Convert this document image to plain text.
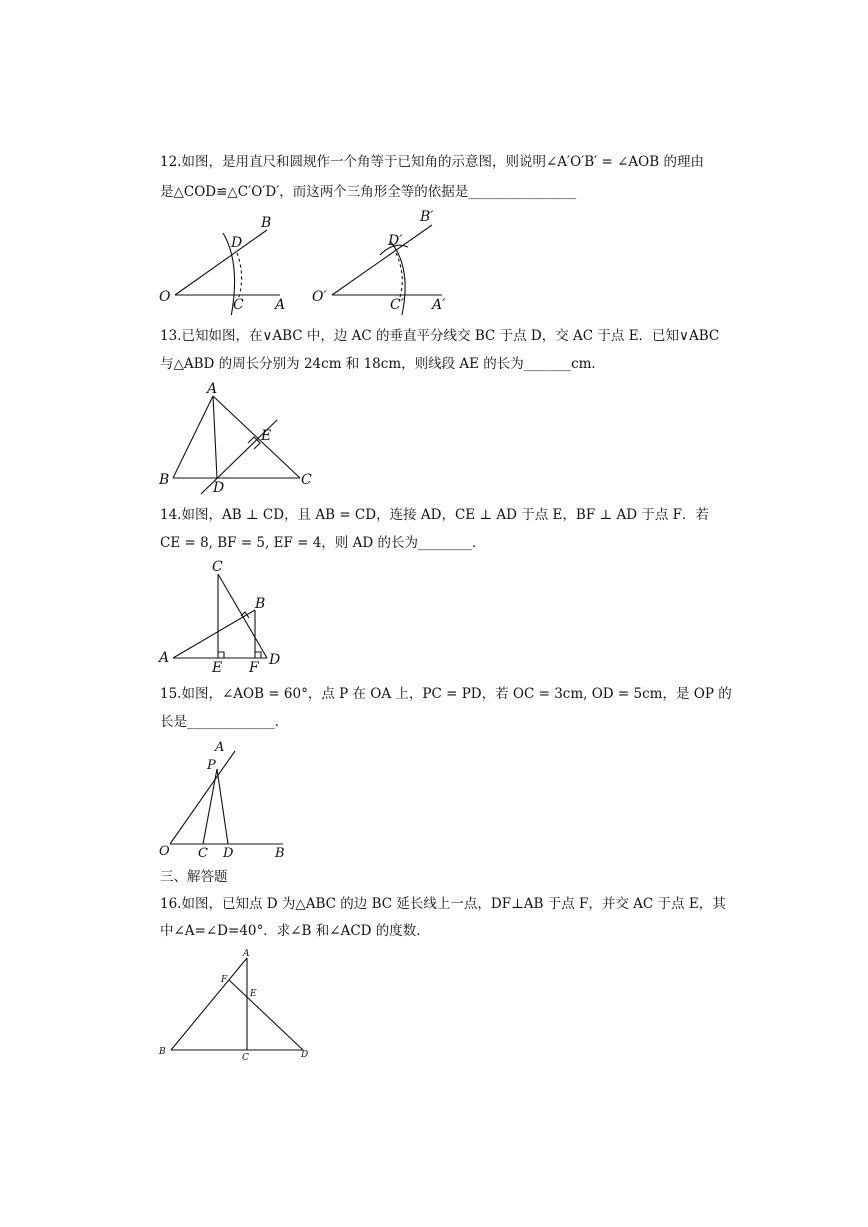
12.如图，是用直尺和圆规作一个角等于已知角的示意图，则说明∠A′O′B′ = ∠AOB 的理由
是△COD≌△C′O′D′，而这两个三角形全等的依据是________________
O	C A
D
B
O′	C′ A′
D′
B′
13.已知如图，在∨ABC 中，边 AC 的垂直平分线交 BC 于点 D，交 AC 于点 E．已知∨ABC
与△ABD 的周长分别为 24cm 和 18cm，则线段 AE 的长为_______cm．
A
B	C
D
E
14.如图，AB ⊥ CD，且 AB = CD，连接 AD，CE ⊥ AD 于点 E，BF ⊥ AD 于点 F．若
CE = 8, BF = 5, EF = 4，则 AD 的长为________．
C
B
A
E F D
15.如图，∠AOB = 60°，点 P 在 OA 上，PC = PD，若 OC = 3cm, OD = 5cm，是 OP 的
长是_____________．
A
P
O C D	B
三、解答题
16.如图，已知点 D 为△ABC 的边 BC 延长线上一点，DF⊥AB 于点 F，并交 AC 于点 E，其
中∠A=∠D=40°．求∠B 和∠ACD 的度数．
A
F
E
B
C	D
